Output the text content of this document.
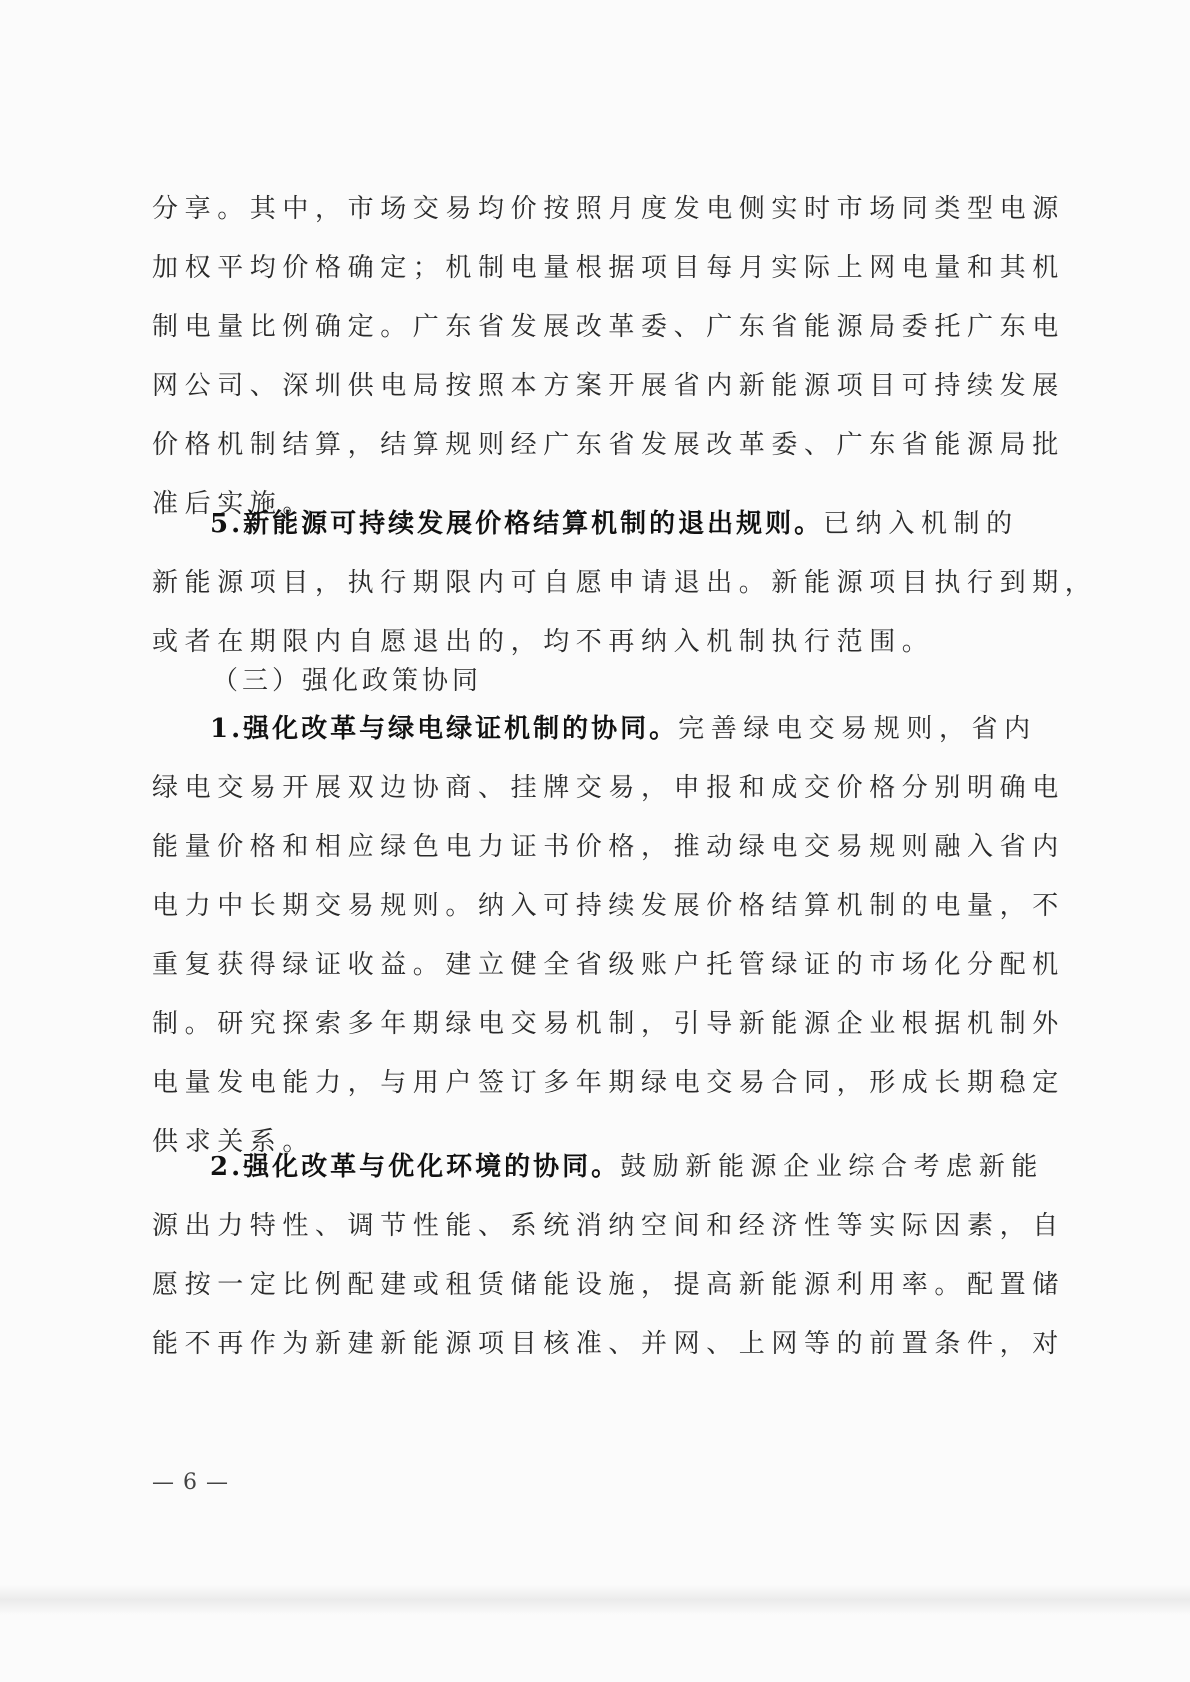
分享。其中，市场交易均价按照月度发电侧实时市场同类型电源
加权平均价格确定；机制电量根据项目每月实际上网电量和其机
制电量比例确定。广东省发展改革委、广东省能源局委托广东电
网公司、深圳供电局按照本方案开展省内新能源项目可持续发展
价格机制结算，结算规则经广东省发展改革委、广东省能源局批
准后实施。
5.新能源可持续发展价格结算机制的退出规则。已纳入机制的
新能源项目，执行期限内可自愿申请退出。新能源项目执行到期，
或者在期限内自愿退出的，均不再纳入机制执行范围。
（三）强化政策协同
1.强化改革与绿电绿证机制的协同。完善绿电交易规则，省内
绿电交易开展双边协商、挂牌交易，申报和成交价格分别明确电
能量价格和相应绿色电力证书价格，推动绿电交易规则融入省内
电力中长期交易规则。纳入可持续发展价格结算机制的电量，不
重复获得绿证收益。建立健全省级账户托管绿证的市场化分配机
制。研究探索多年期绿电交易机制，引导新能源企业根据机制外
电量发电能力，与用户签订多年期绿电交易合同，形成长期稳定
供求关系。
2.强化改革与优化环境的协同。鼓励新能源企业综合考虑新能
源出力特性、调节性能、系统消纳空间和经济性等实际因素，自
愿按一定比例配建或租赁储能设施，提高新能源利用率。配置储
能不再作为新建新能源项目核准、并网、上网等的前置条件，对
— 6 —
